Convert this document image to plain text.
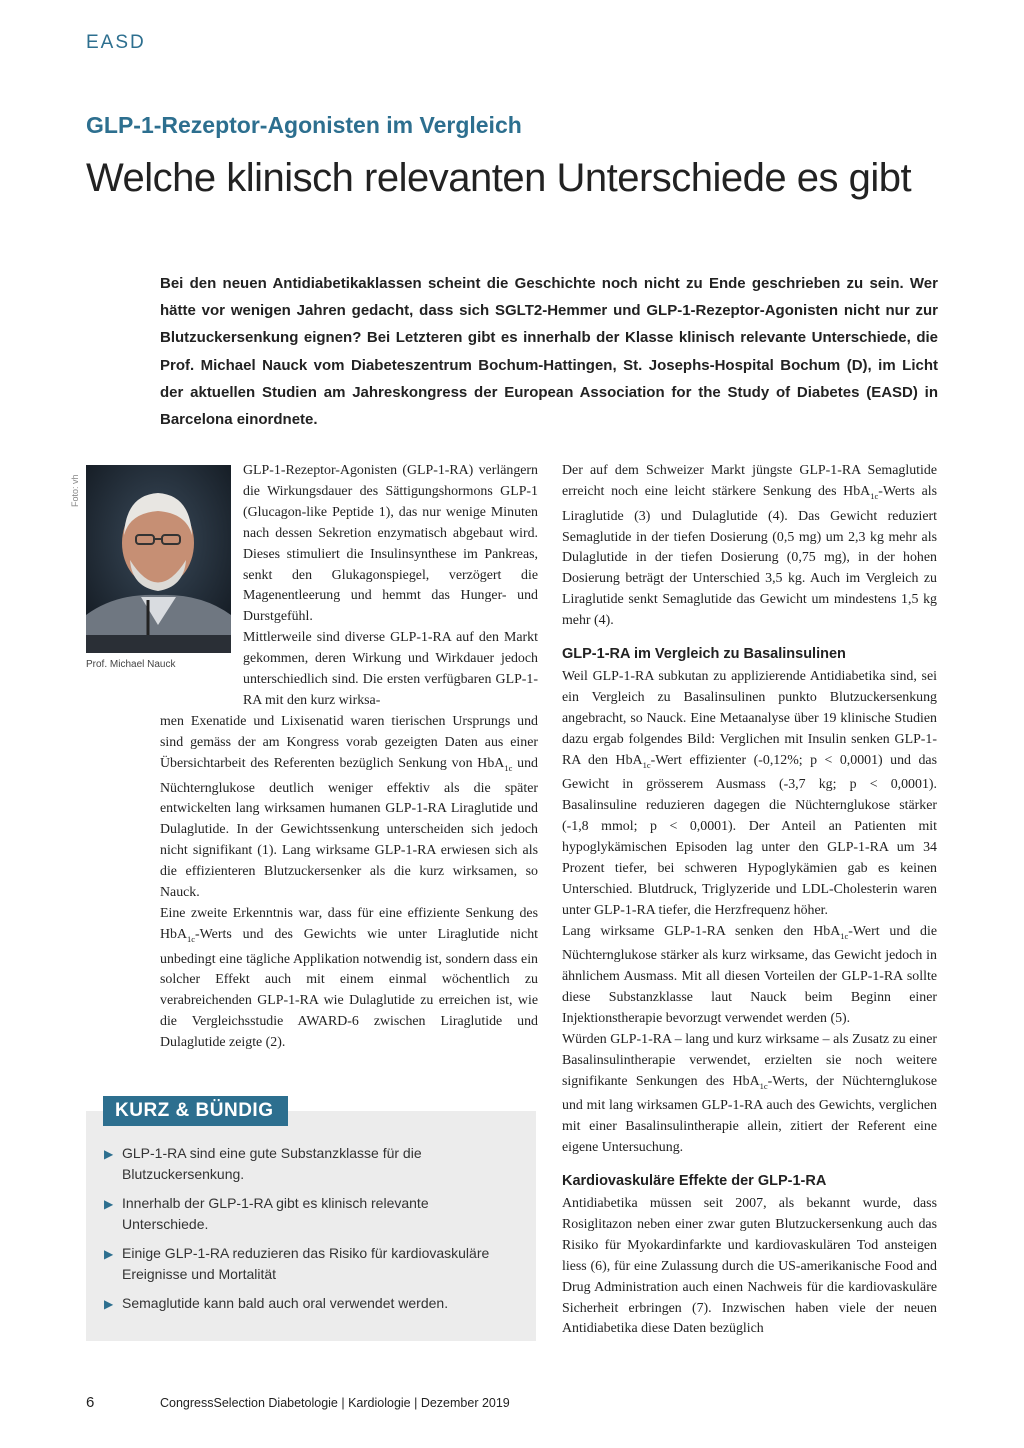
EASD
GLP-1-Rezeptor-Agonisten im Vergleich
Welche klinisch relevanten Unterschiede es gibt
Bei den neuen Antidiabetikaklassen scheint die Geschichte noch nicht zu Ende geschrieben zu sein. Wer hätte vor wenigen Jahren gedacht, dass sich SGLT2-Hemmer und GLP-1-Rezeptor-Agonisten nicht nur zur Blutzuckersenkung eignen? Bei Letzteren gibt es innerhalb der Klasse klinisch relevante Unterschiede, die Prof. Michael Nauck vom Diabeteszentrum Bochum-Hattingen, St. Josephs-Hospital Bochum (D), im Licht der aktuellen Studien am Jahreskongress der European Association for the Study of Diabetes (EASD) in Barcelona einordnete.
Foto: vh
Prof. Michael Nauck

GLP-1-Rezeptor-Agonisten (GLP-1-RA) verlängern die Wirkungsdauer des Sättigungshormons GLP-1 (Glucagon-like Peptide 1), das nur wenige Minuten nach dessen Sekretion enzymatisch abgebaut wird. Dieses stimuliert die Insulinsynthese im Pankreas, senkt den Glukagonspiegel, verzögert die Magenentleerung und hemmt das Hunger- und Durstgefühl.

Mittlerweile sind diverse GLP-1-RA auf den Markt gekommen, deren Wirkung und Wirkdauer jedoch unterschiedlich sind. Die ersten verfügbaren GLP-1-RA mit den kurz wirksa-

men Exenatide und Lixisenatid waren tierischen Ursprungs und sind gemäss der am Kongress vorab gezeigten Daten aus einer Übersichtarbeit des Referenten bezüglich Senkung von HbA$_{1c}$ und Nüchternglukose deutlich weniger effektiv als die später entwickelten lang wirksamen humanen GLP-1-RA Liraglutide und Dulaglutide. In der Gewichtssenkung unterscheiden sich jedoch nicht signifikant (1). Lang wirksame GLP-1-RA erwiesen sich als die effizienteren Blutzuckersenker als die kurz wirksamen, so Nauck.

Eine zweite Erkenntnis war, dass für eine effiziente Senkung des HbA$_{1c}$-Werts und des Gewichts wie unter Liraglutide nicht unbedingt eine tägliche Applikation notwendig ist, sondern dass ein solcher Effekt auch mit einem einmal wöchentlich zu verabreichenden GLP-1-RA wie Dulaglutide zu erreichen ist, wie die Vergleichsstudie AWARD-6 zwischen Liraglutide und Dulaglutide zeigte (2).

Der auf dem Schweizer Markt jüngste GLP-1-RA Semaglutide erreicht noch eine leicht stärkere Senkung des HbA$_{1c}$-Werts als Liraglutide (3) und Dulaglutide (4). Das Gewicht reduziert Semaglutide in der tiefen Dosierung (0,5 mg) um 2,3 kg mehr als Dulaglutide in der tiefen Dosierung (0,75 mg), in der hohen Dosierung beträgt der Unterschied 3,5 kg. Auch im Vergleich zu Liraglutide senkt Semaglutide das Gewicht um mindestens 1,5 kg mehr (4).

GLP-1-RA im Vergleich zu Basalinsulinen

Weil GLP-1-RA subkutan zu applizierende Antidiabetika sind, sei ein Vergleich zu Basalinsulinen punkto Blutzuckersenkung angebracht, so Nauck. Eine Metaanalyse über 19 klinische Studien dazu ergab folgendes Bild: Verglichen mit Insulin senken GLP-1-RA den HbA$_{1c}$-Wert effizienter (-0,12%; p < 0,0001) und das Gewicht in grösserem Ausmass (-3,7 kg; p < 0,0001). Basalinsuline reduzieren dagegen die Nüchternglukose stärker (-1,8 mmol; p < 0,0001). Der Anteil an Patienten mit hypoglykämischen Episoden lag unter den GLP-1-RA um 34 Prozent tiefer, bei schweren Hypoglykämien gab es keinen Unterschied. Blutdruck, Triglyzeride und LDL-Cholesterin waren unter GLP-1-RA tiefer, die Herzfrequenz höher.

Lang wirksame GLP-1-RA senken den HbA$_{1c}$-Wert und die Nüchternglukose stärker als kurz wirksame, das Gewicht jedoch in ähnlichem Ausmass. Mit all diesen Vorteilen der GLP-1-RA sollte diese Substanzklasse laut Nauck beim Beginn einer Injektionstherapie bevorzugt verwendet werden (5).

Würden GLP-1-RA – lang und kurz wirksame – als Zusatz zu einer Basalinsulintherapie verwendet, erzielten sie noch weitere signifikante Senkungen des HbA$_{1c}$-Werts, der Nüchternglukose und mit lang wirksamen GLP-1-RA auch des Gewichts, verglichen mit einer Basalinsulintherapie allein, zitiert der Referent eine eigene Untersuchung.

Kardiovaskuläre Effekte der GLP-1-RA

Antidiabetika müssen seit 2007, als bekannt wurde, dass Rosiglitazon neben einer zwar guten Blutzuckersenkung auch das Risiko für Myokardinfarkte und kardiovaskulären Tod ansteigen liess (6), für eine Zulassung durch die US-amerikanische Food and Drug Administration auch einen Nachweis für die kardiovaskuläre Sicherheit erbringen (7). Inzwischen haben viele der neuen Antidiabetika diese Daten bezüglich

KURZ & BÜNDIG
▶ GLP-1-RA sind eine gute Substanzklasse für die Blutzuckersenkung.
▶ Innerhalb der GLP-1-RA gibt es klinisch relevante Unterschiede.
▶ Einige GLP-1-RA reduzieren das Risiko für kardiovaskuläre Ereignisse und Mortalität
▶ Semaglutide kann bald auch oral verwendet werden.
6	CongressSelection Diabetologie | Kardiologie | Dezember 2019
